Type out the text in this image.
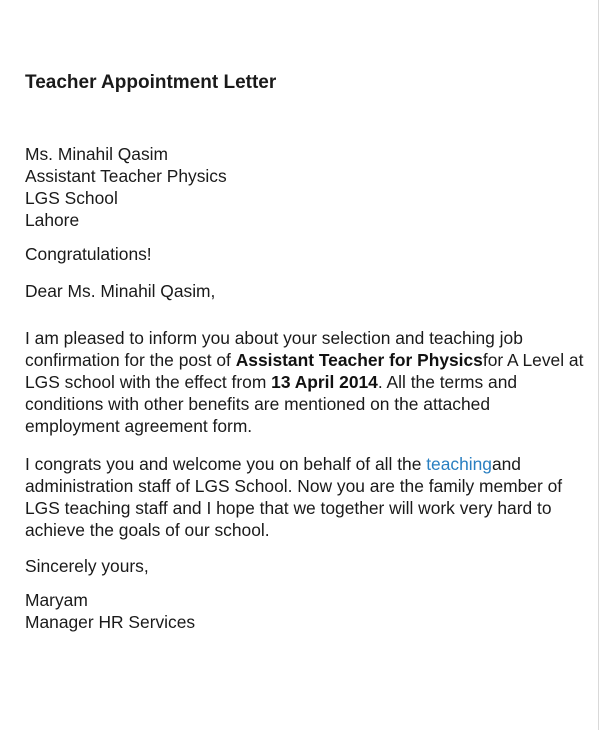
Teacher Appointment Letter
Ms. Minahil Qasim
Assistant Teacher Physics
LGS School
Lahore

Congratulations!

Dear Ms. Minahil Qasim,

I am pleased to inform you about your selection and teaching job confirmation for the post of Assistant Teacher for Physicsfor A Level at LGS school with the effect from 13 April 2014. All the terms and conditions with other benefits are mentioned on the attached employment agreement form.

I congrats you and welcome you on behalf of all the teachingand administration staff of LGS School. Now you are the family member of LGS teaching staff and I hope that we together will work very hard to achieve the goals of our school.

Sincerely yours,

Maryam
Manager HR Services
